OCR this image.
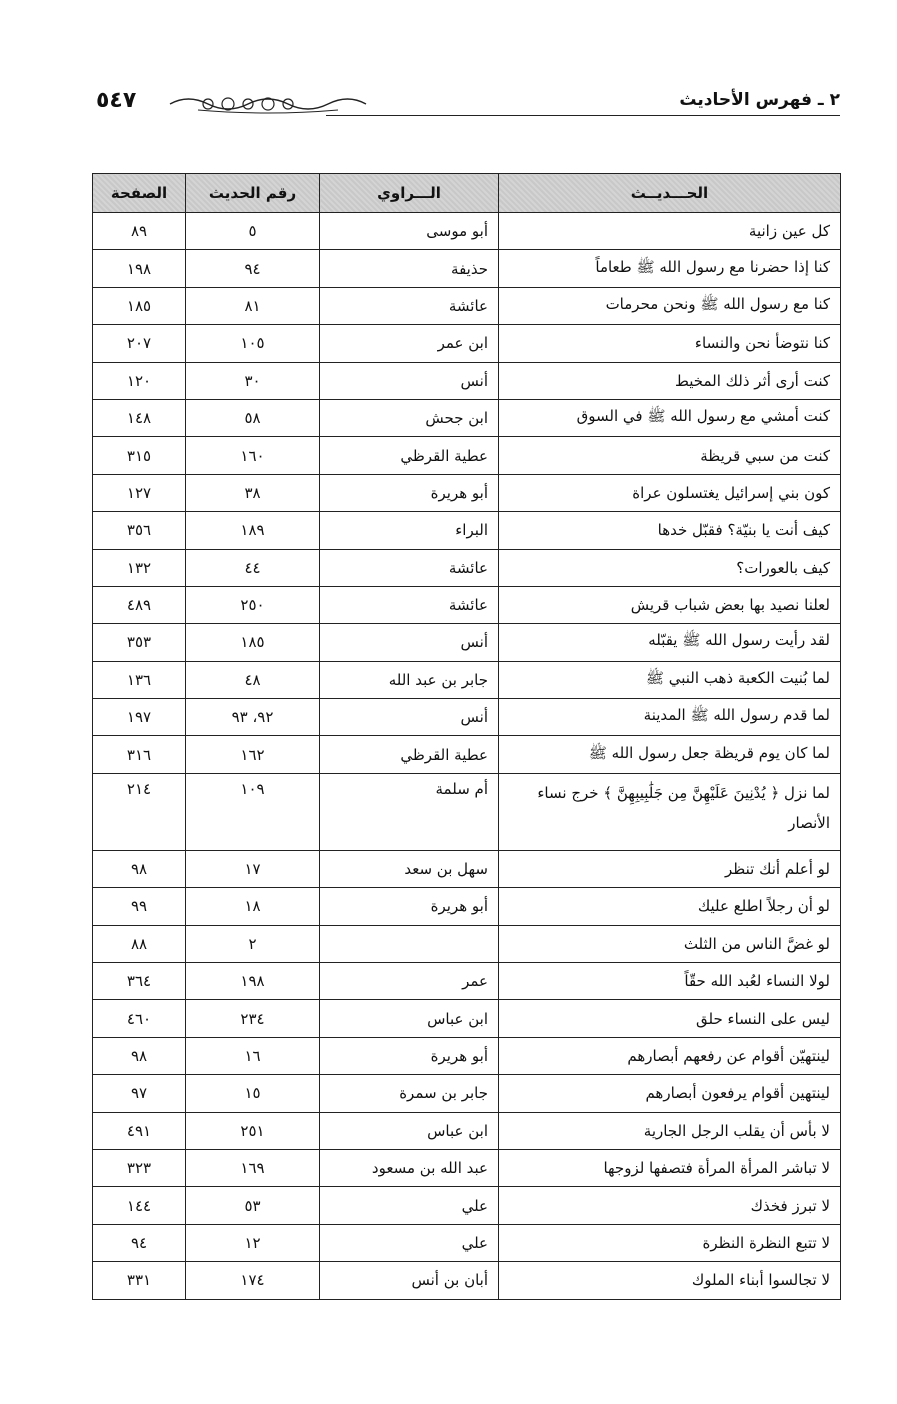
٢ ـ فهرس الأحاديث
٥٤٧
الحـــديــث	الـــراوي	رقم الحديث	الصفحة
كل عين زانية	أبو موسى	٥	٨٩
كنا إذا حضرنا مع رسول الله ﷺ طعاماً	حذيفة	٩٤	١٩٨
كنا مع رسول الله ﷺ ونحن محرمات	عائشة	٨١	١٨٥
كنا نتوضأ نحن والنساء	ابن عمر	١٠٥	٢٠٧
كنت أرى أثر ذلك المخيط	أنس	٣٠	١٢٠
كنت أمشي مع رسول الله ﷺ في السوق	ابن جحش	٥٨	١٤٨
كنت من سبي قريظة	عطية القرظي	١٦٠	٣١٥
كون بني إسرائيل يغتسلون عراة	أبو هريرة	٣٨	١٢٧
كيف أنت يا بنيّة؟ فقبّل خدها	البراء	١٨٩	٣٥٦
كيف بالعورات؟	عائشة	٤٤	١٣٢
لعلنا نصيد بها بعض شباب قريش	عائشة	٢٥٠	٤٨٩
لقد رأيت رسول الله ﷺ يقبّله	أنس	١٨٥	٣٥٣
لما بُنيت الكعبة ذهب النبي ﷺ	جابر بن عبد الله	٤٨	١٣٦
لما قدم رسول الله ﷺ المدينة	أنس	٩٢، ٩٣	١٩٧
لما كان يوم قريظة جعل رسول الله ﷺ	عطية القرظي	١٦٢	٣١٦
لما نزل ﴿ يُدْنِينَ عَلَيْهِنَّ مِن جَلَٰبِيبِهِنَّ ﴾ خرج نساء الأنصار	أم سلمة	١٠٩	٢١٤
لو أعلم أنك تنظر	سهل بن سعد	١٧	٩٨
لو أن رجلاً اطلع عليك	أبو هريرة	١٨	٩٩
لو غضَّ الناس من الثلث		٢	٨٨
لولا النساء لعُبد الله حقّاً	عمر	١٩٨	٣٦٤
ليس على النساء حلق	ابن عباس	٢٣٤	٤٦٠
لينتهيّن أقوام عن رفعهم أبصارهم	أبو هريرة	١٦	٩٨
لينتهين أقوام يرفعون أبصارهم	جابر بن سمرة	١٥	٩٧
لا بأس أن يقلب الرجل الجارية	ابن عباس	٢٥١	٤٩١
لا تباشر المرأة المرأة فتصفها لزوجها	عبد الله بن مسعود	١٦٩	٣٢٣
لا تبرز فخذك	علي	٥٣	١٤٤
لا تتبع النظرة النظرة	علي	١٢	٩٤
لا تجالسوا أبناء الملوك	أبان بن أنس	١٧٤	٣٣١
